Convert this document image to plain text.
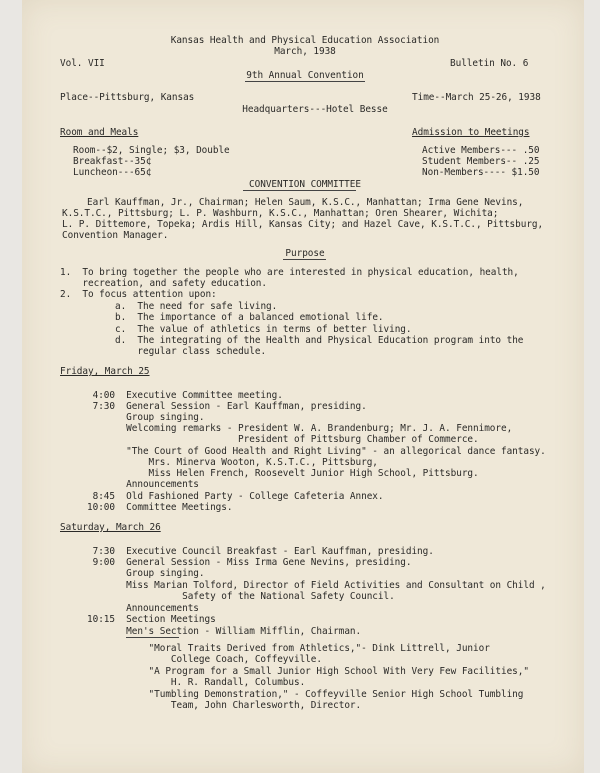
Kansas Health and Physical Education Association
March, 1938
Vol. VII	Bulletin No. 6
9th Annual Convention
Place--Pittsburg, Kansas	Time--March 25-26, 1938
Headquarters---Hotel Besse
Room and Meals
Room--$2, Single; $3, Double
Breakfast--35¢
Luncheon---65¢
Admission to Meetings
Active Members--- .50
Student Members-- .25
Non-Members---- $1.50
CONVENTION COMMITTEE
Earl Kauffman, Jr., Chairman; Helen Saum, K.S.C., Manhattan; Irma Gene Nevins,
K.S.T.C., Pittsburg; L. P. Washburn, K.S.C., Manhattan; Oren Shearer, Wichita;
L. P. Dittemore, Topeka; Ardis Hill, Kansas City; and Hazel Cave, K.S.T.C., Pittsburg,
Convention Manager.
Purpose
1.  To bring together the people who are interested in physical education, health,
recreation, and safety education.
2.  To focus attention upon:
a.  The need for safe living.
b.  The importance of a balanced emotional life.
c.  The value of athletics in terms of better living.
d.  The integrating of the Health and Physical Education program into the
regular class schedule.
Friday, March 25
4:00  Executive Committee meeting.
7:30  General Session - Earl Kauffman, presiding.
Group singing.
Welcoming remarks - President W. A. Brandenburg; Mr. J. A. Fennimore,
President of Pittsburg Chamber of Commerce.
"The Court of Good Health and Right Living" - an allegorical dance fantasy.
Mrs. Minerva Wooton, K.S.T.C., Pittsburg,
Miss Helen French, Roosevelt Junior High School, Pittsburg.
Announcements
8:45  Old Fashioned Party - College Cafeteria Annex.
10:00  Committee Meetings.
Saturday, March 26
7:30  Executive Council Breakfast - Earl Kauffman, presiding.
9:00  General Session - Miss Irma Gene Nevins, presiding.
Group singing.
Miss Marian Tolford, Director of Field Activities and Consultant on Child ,
Safety of the National Safety Council.
Announcements
10:15  Section Meetings
Men's Section - William Mifflin, Chairman.
"Moral Traits Derived from Athletics,"- Dink Littrell, Junior
College Coach, Coffeyville.
"A Program for a Small Junior High School With Very Few Facilities,"
H. R. Randall, Columbus.
"Tumbling Demonstration," - Coffeyville Senior High School Tumbling
Team, John Charlesworth, Director.
